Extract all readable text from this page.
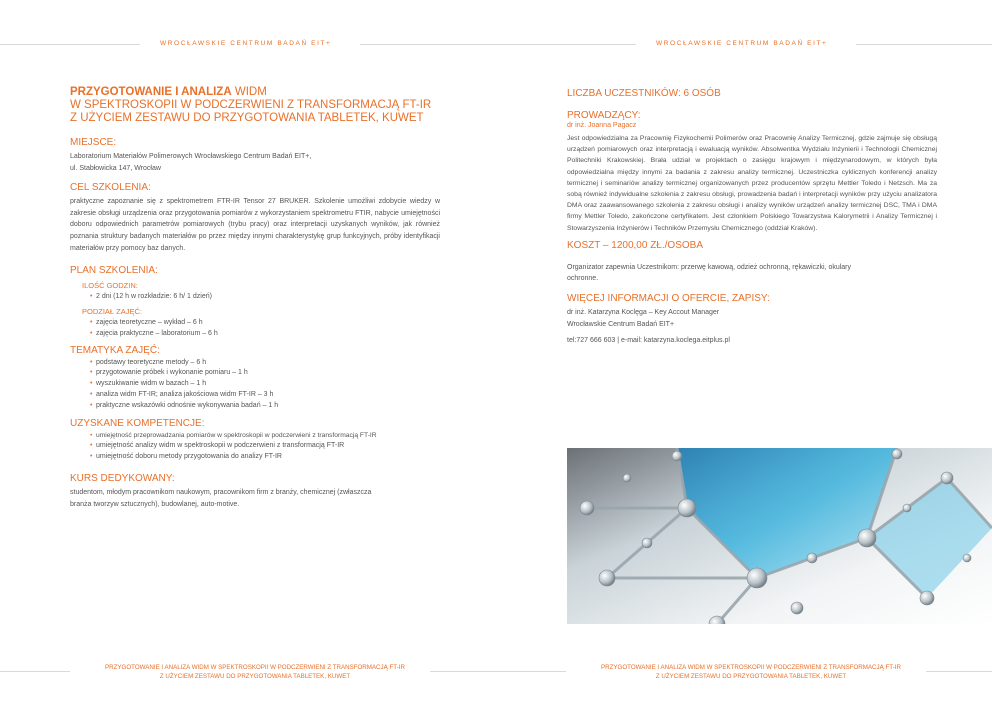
WROCŁAWSKIE CENTRUM BADAŃ EIT+
PRZYGOTOWANIE I ANALIZA WIDM
W SPEKTROSKOPII W PODCZERWIENI Z TRANSFORMACJĄ FT-IR
Z UŻYCIEM ZESTAWU DO PRZYGOTOWANIA TABLETEK, KUWET
MIEJSCE:
Laboratorium Materiałów Polimerowych Wrocławskiego Centrum Badań EIT+,
ul. Stabłowicka 147, Wrocław
CEL SZKOLENIA:
praktyczne zapoznanie się z spektrometrem FTR-IR Tensor 27 BRUKER. Szkolenie umożliwi zdobycie wiedzy w zakresie obsługi urządzenia oraz przygotowania pomiarów z wykorzystaniem spektrometru FTIR, nabycie umiejętności doboru odpowiednich parametrów pomiarowych (trybu pracy) oraz interpretacji uzyskanych wyników, jak również poznania struktury badanych materiałów po przez między innymi charakterystykę grup funkcyjnych, próby identyfikacji materiałów przy pomocy baz danych.
PLAN SZKOLENIA:
ILOŚĆ GODZIN:
• 2 dni (12 h w rozkładzie: 6 h/ 1 dzień)
PODZIAŁ ZAJĘĆ:
• zajęcia teoretyczne – wykład – 6 h
• zajęcia praktyczne – laboratorium – 6 h
TEMATYKA ZAJĘĆ:
• podstawy teoretyczne metody – 6 h
• przygotowanie próbek i wykonanie pomiaru – 1 h
• wyszukiwanie widm w bazach – 1 h
• analiza widm FT-IR; analiza jakościowa widm FT-IR – 3 h
• praktyczne wskazówki odnośnie wykonywania badań – 1 h
UZYSKANE KOMPETENCJE:
• umiejętność przeprowadzania pomiarów w spektroskopii w podczerwieni z transformacją FT-IR
• umiejętność analizy widm w spektroskopii w podczerwieni z transformacją FT-IR
• umiejętność doboru metody przygotowania do analizy FT-IR
KURS DEDYKOWANY:
studentom, młodym pracownikom naukowym, pracownikom firm z branży, chemicznej (zwłaszcza
branża tworzyw sztucznych), budowlanej, auto-motive.
PRZYGOTOWANIE I ANALIZA WIDM W SPEKTROSKOPII W PODCZERWIENI Z TRANSFORMACJĄ FT-IR
Z UŻYCIEM ZESTAWU DO PRZYGOTOWANIA TABLETEK, KUWET
WROCŁAWSKIE CENTRUM BADAŃ EIT+
LICZBA UCZESTNIKÓW: 6 OSÓB
PROWADZĄCY:
dr inż. Joanna Pagacz
Jest odpowiedzialna za Pracownię Fizykochemii Polimerów oraz Pracownię Analizy Termicznej, gdzie zajmuje się obsługą urządzeń pomiarowych oraz interpretacją i ewaluacją wyników. Absolwentka Wydziału Inżynierii i Technologii Chemicznej Politechniki Krakowskiej. Brała udział w projektach o zasięgu krajowym i międzynarodowym, w których była odpowiedzialna między innymi za badania z zakresu analizy termicznej. Uczestniczka cyklicznych konferencji analizy termicznej i seminariów analizy termicznej organizowanych przez producentów sprzętu Mettler Toledo i Netzsch. Ma za sobą również indywidualne szkolenia z zakresu obsługi, prowadzenia badań i interpretacji wyników przy użyciu analizatora DMA oraz zaawansowanego szkolenia z zakresu obsługi i analizy wyników urządzeń analizy termicznej DSC, TMA i DMA firmy Mettler Toledo, zakończone certyfikatem. Jest członkiem Polskiego Towarzystwa Kalorymetrii i Analizy Termicznej i Stowarzyszenia Inżynierów i Techników Przemysłu Chemicznego (oddział Kraków).
KOSZT – 1200,00 ZŁ./OSOBA
Organizator zapewnia Uczestnikom: przerwę kawową, odzież ochronną, rękawiczki, okulary
ochronne.
WIĘCEJ INFORMACJI O OFERCIE, ZAPISY:
dr inż. Katarzyna Koclęga – Key Accout Manager
Wrocławskie Centrum Badań EIT+
tel:727 666 603 | e-mail: katarzyna.koclega.eitplus.pl
PRZYGOTOWANIE I ANALIZA WIDM W SPEKTROSKOPII W PODCZERWIENI Z TRANSFORMACJĄ FT-IR
Z UŻYCIEM ZESTAWU DO PRZYGOTOWANIA TABLETEK, KUWET
